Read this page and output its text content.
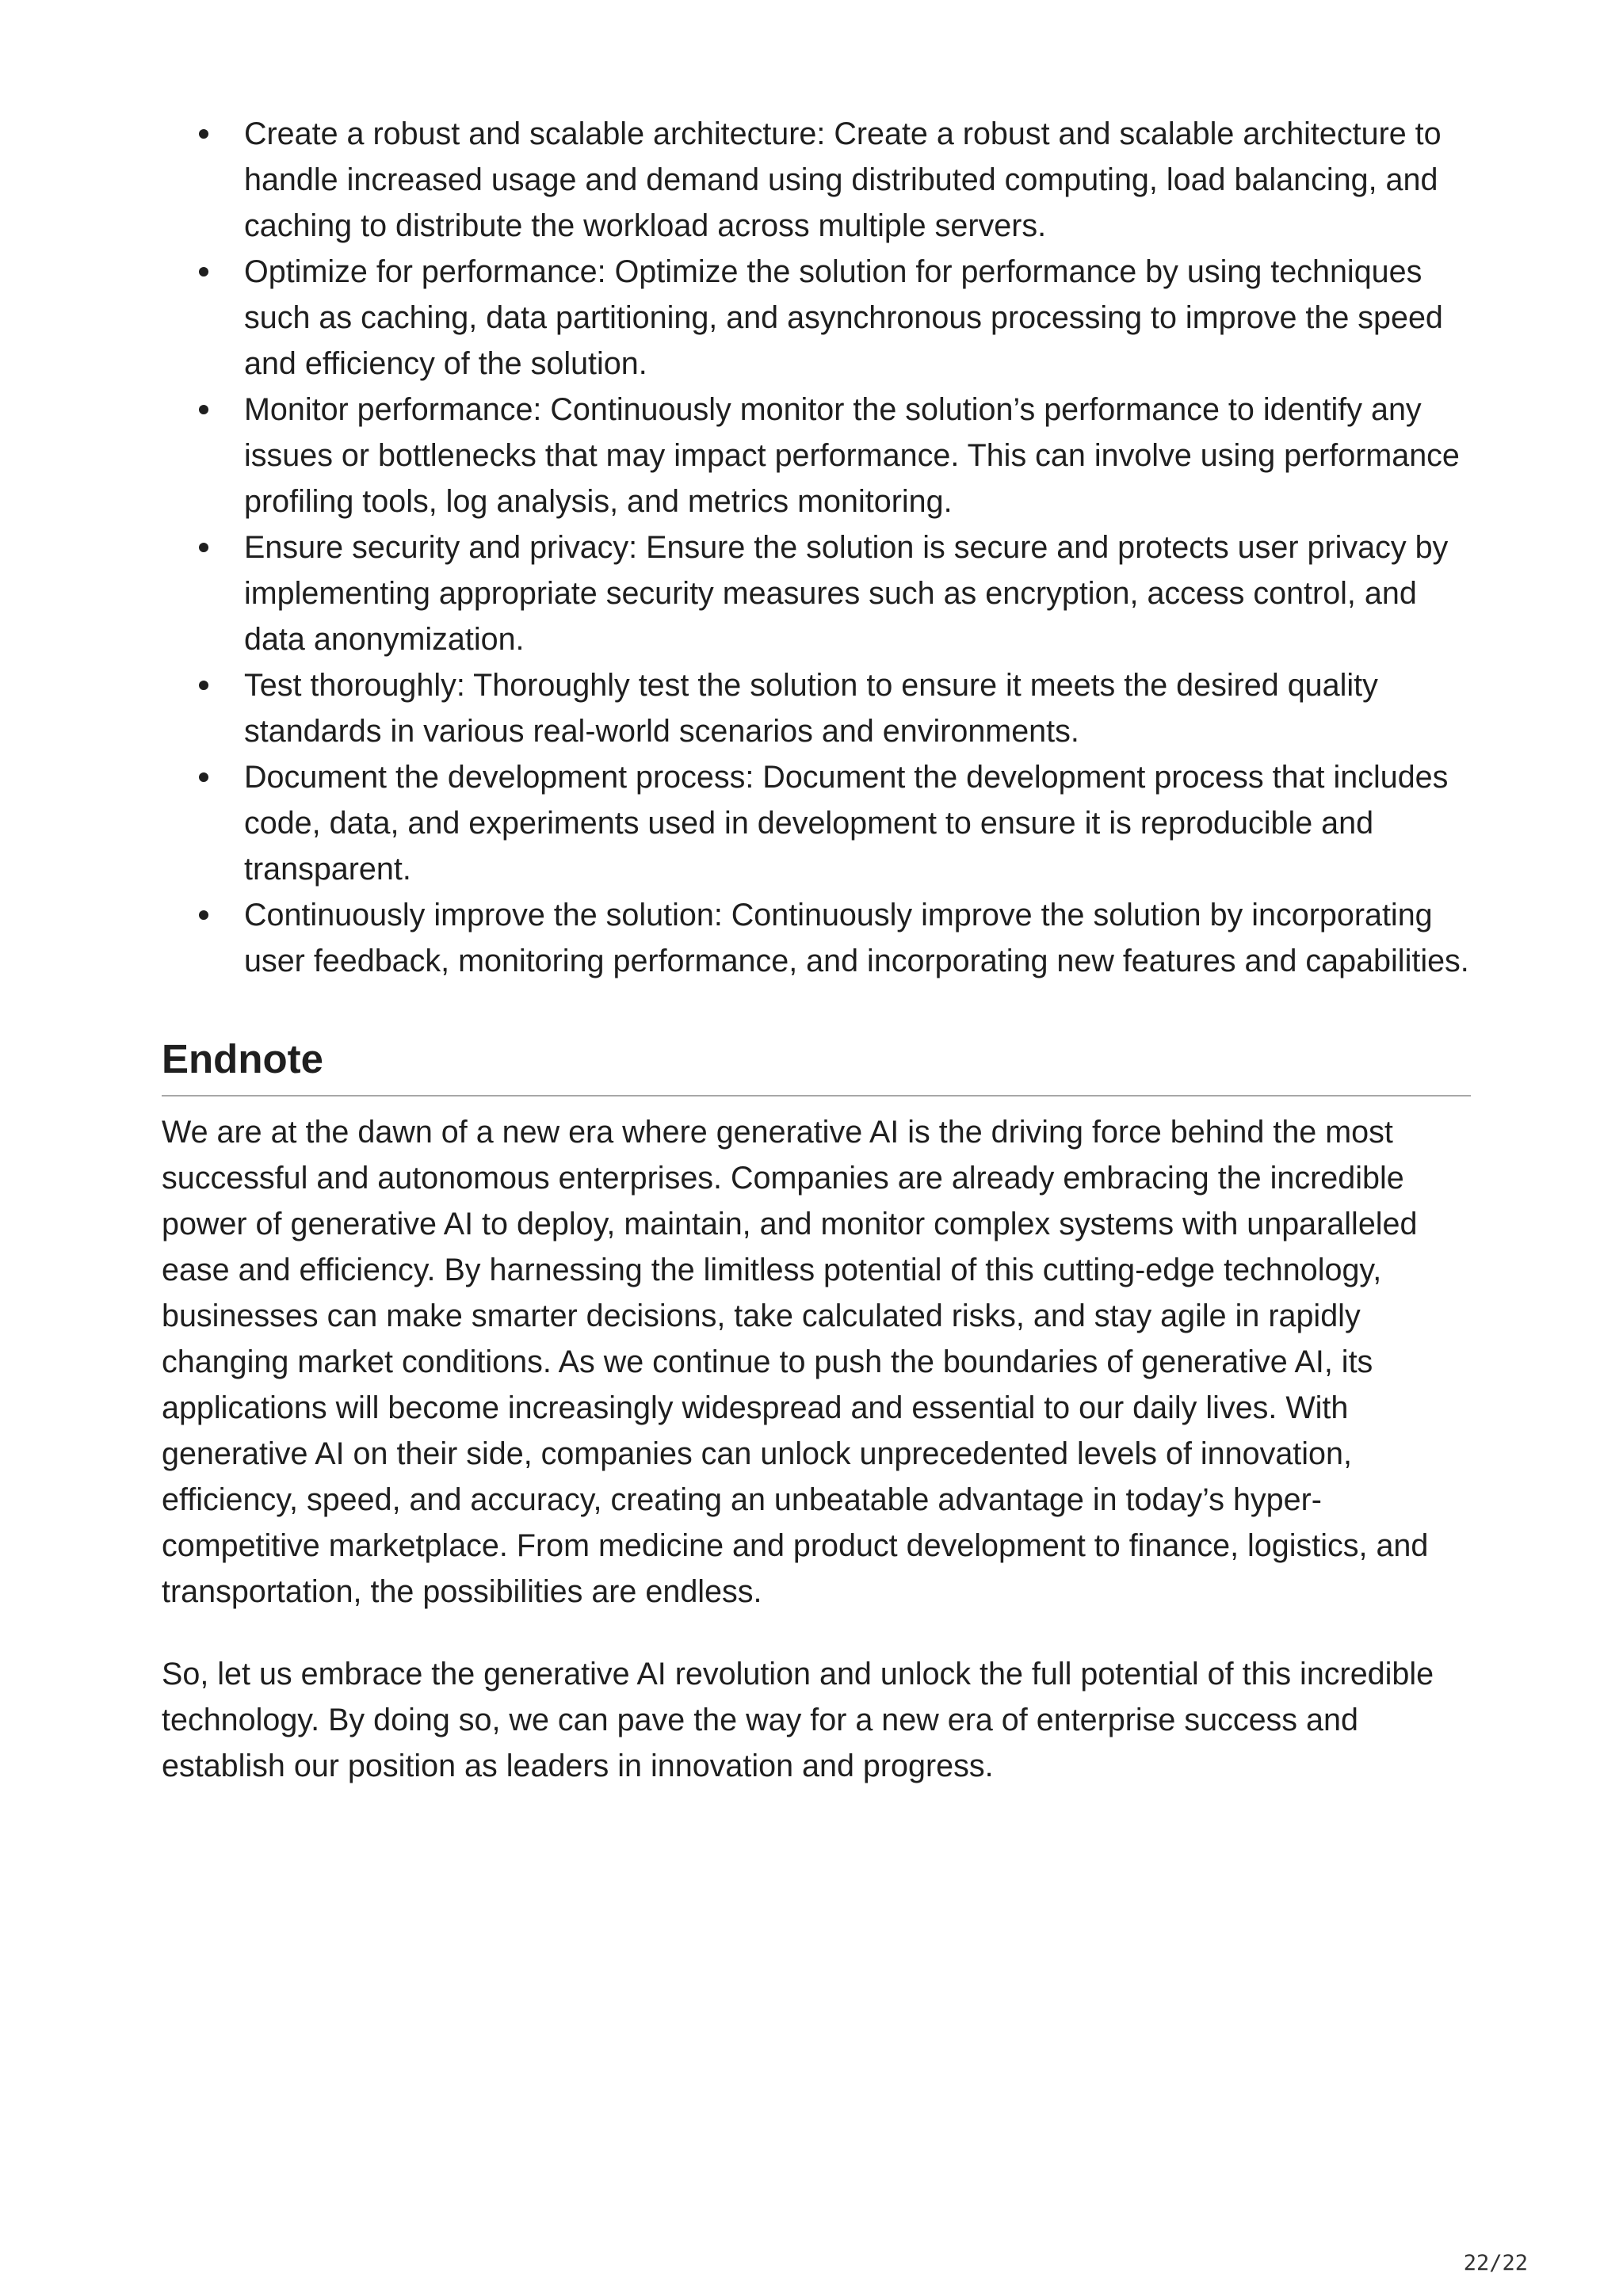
Create a robust and scalable architecture: Create a robust and scalable architecture to handle increased usage and demand using distributed computing, load balancing, and caching to distribute the workload across multiple servers.
Optimize for performance: Optimize the solution for performance by using techniques such as caching, data partitioning, and asynchronous processing to improve the speed and efficiency of the solution.
Monitor performance: Continuously monitor the solution’s performance to identify any issues or bottlenecks that may impact performance. This can involve using performance profiling tools, log analysis, and metrics monitoring.
Ensure security and privacy: Ensure the solution is secure and protects user privacy by implementing appropriate security measures such as encryption, access control, and data anonymization.
Test thoroughly: Thoroughly test the solution to ensure it meets the desired quality standards in various real-world scenarios and environments.
Document the development process: Document the development process that includes code, data, and experiments used in development to ensure it is reproducible and transparent.
Continuously improve the solution: Continuously improve the solution by incorporating user feedback, monitoring performance, and incorporating new features and capabilities.
Endnote

We are at the dawn of a new era where generative AI is the driving force behind the most successful and autonomous enterprises. Companies are already embracing the incredible power of generative AI to deploy, maintain, and monitor complex systems with unparalleled ease and efficiency. By harnessing the limitless potential of this cutting-edge technology, businesses can make smarter decisions, take calculated risks, and stay agile in rapidly changing market conditions. As we continue to push the boundaries of generative AI, its applications will become increasingly widespread and essential to our daily lives. With generative AI on their side, companies can unlock unprecedented levels of innovation, efficiency, speed, and accuracy, creating an unbeatable advantage in today’s hyper-competitive marketplace. From medicine and product development to finance, logistics, and transportation, the possibilities are endless.

So, let us embrace the generative AI revolution and unlock the full potential of this incredible technology. By doing so, we can pave the way for a new era of enterprise success and establish our position as leaders in innovation and progress.

22/22
